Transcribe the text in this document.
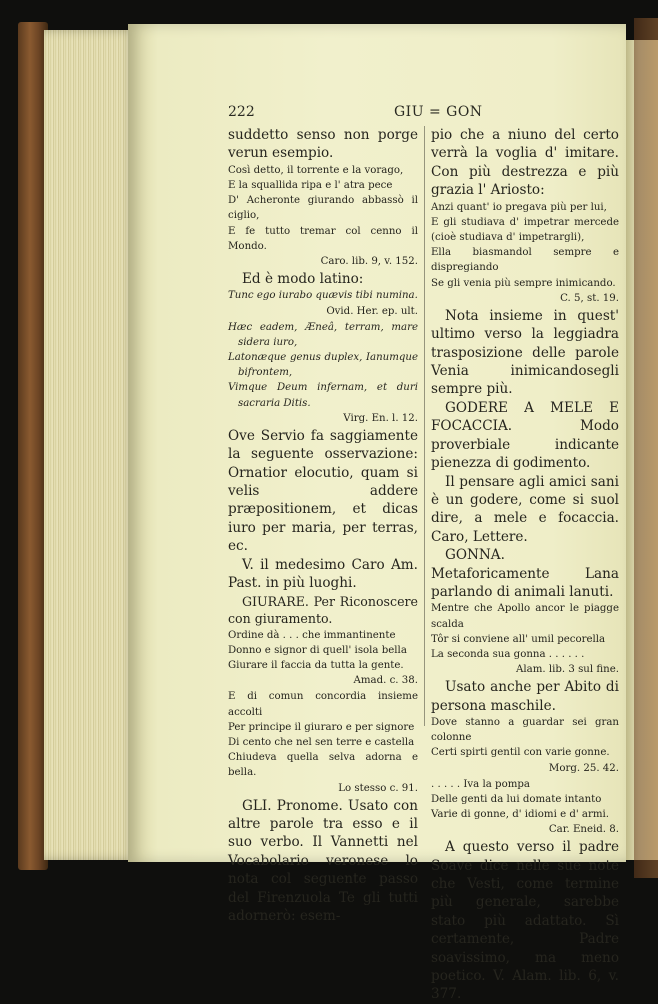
222	GIU = GON

suddetto senso non porge verun esempio.

Così detto, il torrente e la vorago,

E la squallida ripa e l' atra pece

D' Acheronte giurando abbassò il ciglio,

E fe tutto tremar col cenno il Mondo.

Caro. lib. 9, v. 152.

Ed è modo latino:

Tunc ego iurabo quævis tibi numina.

Ovid. Her. ep. ult.

Hæc eadem, Æneâ, terram, mare sidera iuro,

Latonæque genus duplex, Ianumque bifrontem,

Vimque Deum infernam, et duri sacraria Ditis.

Virg. En. l. 12.

Ove Servio fa saggiamente la seguente osservazione: Ornatior elocutio, quam si velis addere præpositionem, et dicas iuro per maria, per terras, ec.

V. il medesimo Caro Am. Past. in più luoghi.

GIURARE. Per Riconoscere con giuramento.

Ordine dà . . . che immantinente

Donno e signor di quell' isola bella

Giurare il faccia da tutta la gente.

Amad. c. 38.

E di comun concordia insieme accolti

Per principe il giuraro e per signore

Di cento che nel sen terre e castella

Chiudeva quella selva adorna e bella.

Lo stesso c. 91.

GLI. Pronome. Usato con altre parole tra esso e il suo verbo. Il Vannetti nel Vocabolario veronese lo nota col seguente passo del Firenzuola Te gli tutti adornerò: esem-

pio che a niuno del certo verrà la voglia d' imitare. Con più destrezza e più grazia l' Ariosto:

Anzi quant' io pregava più per lui,

E gli studiava d' impetrar mercede (cioè studiava d' impetrargli),

Ella biasmandol sempre e dispregiando

Se gli venia più sempre inimicando.

C. 5, st. 19.

Nota insieme in quest' ultimo verso la leggiadra trasposizione delle parole Venia inimicandosegli sempre più.

GODERE A MELE E FOCACCIA. Modo proverbiale indicante pienezza di godimento.

Il pensare agli amici sani è un godere, come si suol dire, a mele e focaccia. Caro, Lettere.

GONNA. Metaforicamente Lana parlando di animali lanuti.

Mentre che Apollo ancor le piagge scalda

Tôr si conviene all' umil pecorella

La seconda sua gonna . . . . . .

Alam. lib. 3 sul fine.

Usato anche per Abito di persona maschile.

Dove stanno a guardar sei gran colonne

Certi spirti gentil con varie gonne.

Morg. 25. 42.

. . . . . Iva la pompa

Delle genti da lui domate intanto

Varie di gonne, d' idiomi e d' armi.

Car. Eneid. 8.

A questo verso il padre Soave dice nelle sue note che Vesti, come termine più generale, sarebbe stato più adattato. Sì certamente, Padre soavissimo, ma meno poetico. V. Alam. lib. 6, v. 377.
